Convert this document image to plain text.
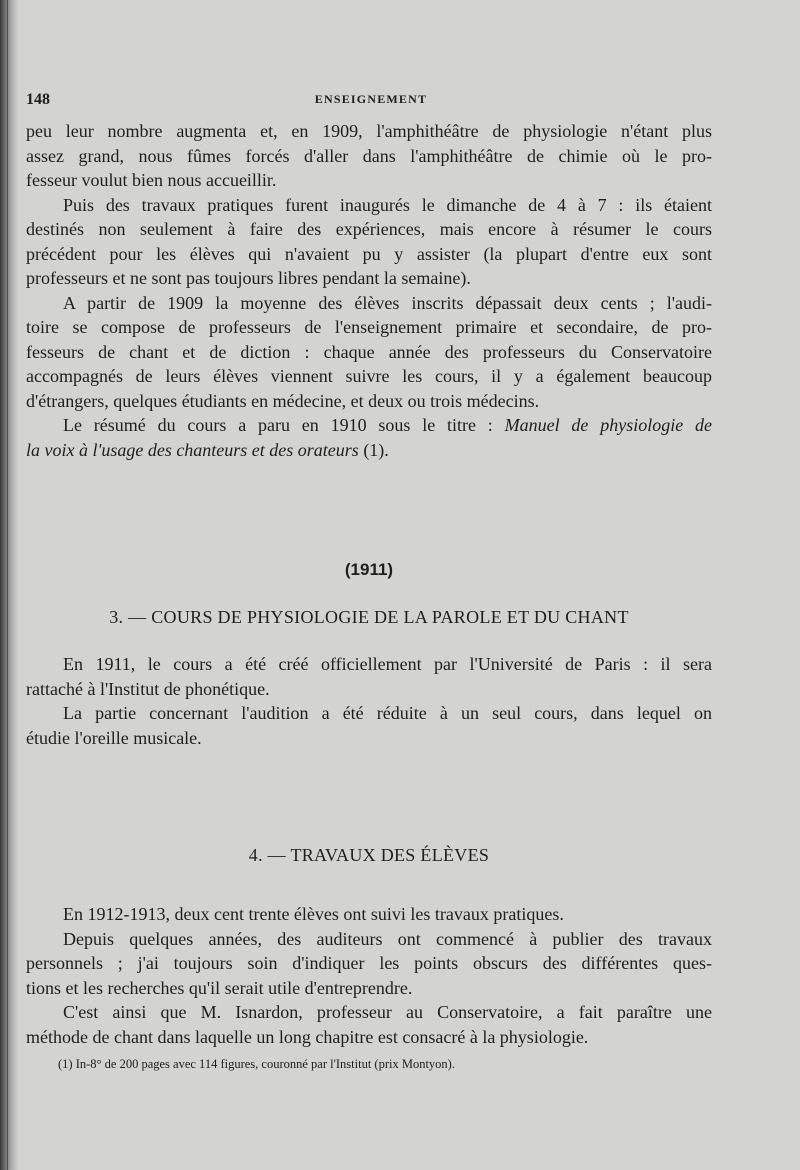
148	ENSEIGNEMENT
peu leur nombre augmenta et, en 1909, l'amphithéâtre de physiologie n'étant plus
assez grand, nous fûmes forcés d'aller dans l'amphithéâtre de chimie où le pro-
fesseur voulut bien nous accueillir.
Puis des travaux pratiques furent inaugurés le dimanche de 4 à 7 : ils étaient
destinés non seulement à faire des expériences, mais encore à résumer le cours
précédent pour les élèves qui n'avaient pu y assister (la plupart d'entre eux sont
professeurs et ne sont pas toujours libres pendant la semaine).
A partir de 1909 la moyenne des élèves inscrits dépassait deux cents ; l'audi-
toire se compose de professeurs de l'enseignement primaire et secondaire, de pro-
fesseurs de chant et de diction : chaque année des professeurs du Conservatoire
accompagnés de leurs élèves viennent suivre les cours, il y a également beaucoup
d'étrangers, quelques étudiants en médecine, et deux ou trois médecins.
Le résumé du cours a paru en 1910 sous le titre : Manuel de physiologie de
la voix à l'usage des chanteurs et des orateurs (1).
(1911)
3. — COURS DE PHYSIOLOGIE DE LA PAROLE ET DU CHANT
En 1911, le cours a été créé officiellement par l'Université de Paris : il sera
rattaché à l'Institut de phonétique.
La partie concernant l'audition a été réduite à un seul cours, dans lequel on
étudie l'oreille musicale.
4. — TRAVAUX DES ÉLÈVES
En 1912-1913, deux cent trente élèves ont suivi les travaux pratiques.
Depuis quelques années, des auditeurs ont commencé à publier des travaux
personnels ; j'ai toujours soin d'indiquer les points obscurs des différentes ques-
tions et les recherches qu'il serait utile d'entreprendre.
C'est ainsi que M. Isnardon, professeur au Conservatoire, a fait paraître une
méthode de chant dans laquelle un long chapitre est consacré à la physiologie.
(1) In-8° de 200 pages avec 114 figures, couronné par l'Institut (prix Montyon).
